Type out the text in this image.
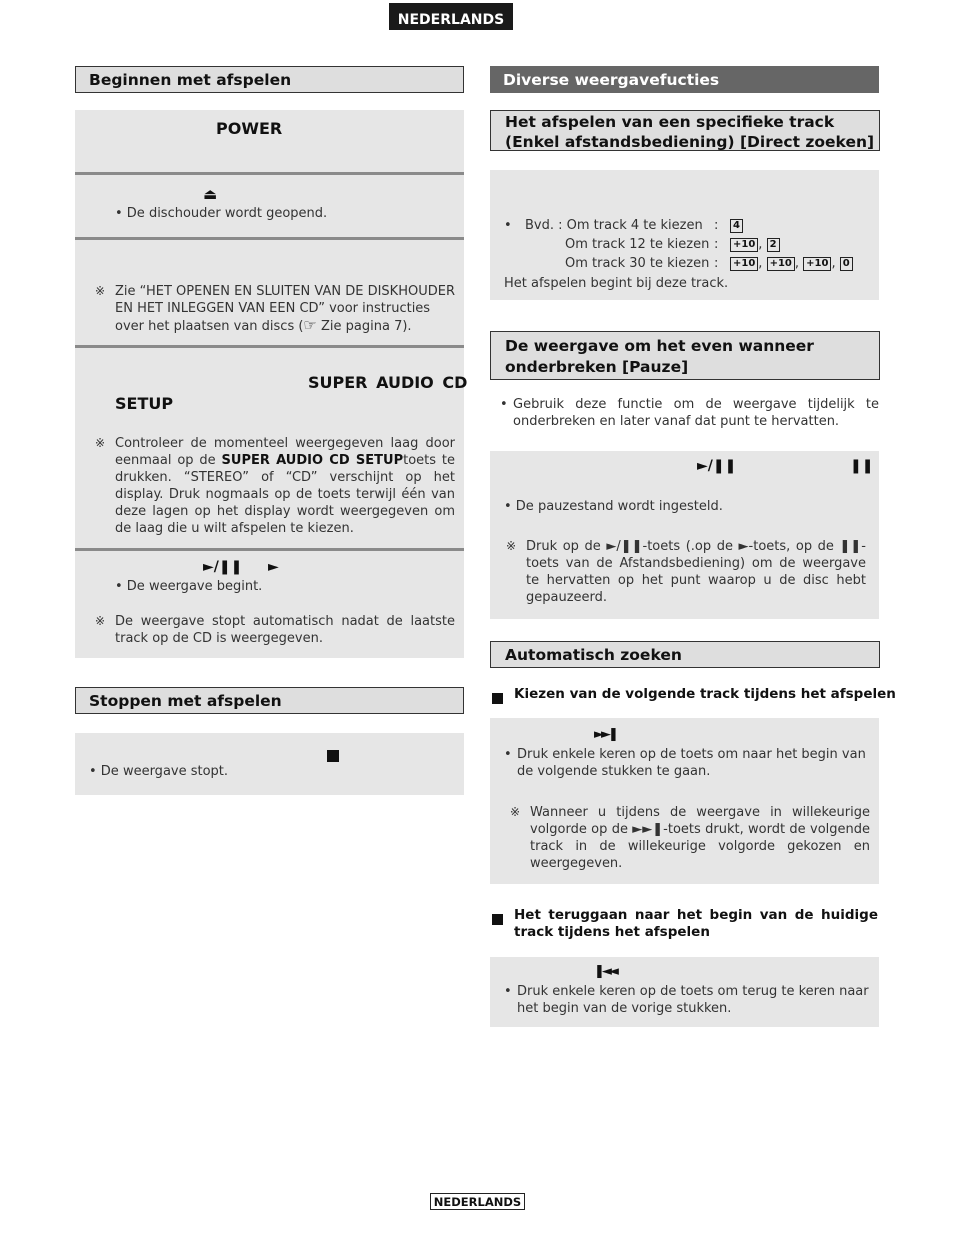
NEDERLANDS
Beginnen met afspelen
POWER
⏏
• De dischouder wordt geopend.
※ Zie “HET OPENEN EN SLUITEN VAN DE DISKHOUDER EN HET INLEGGEN VAN EEN CD” voor instructies over het plaatsen van discs (☞ Zie pagina 7).
SUPER AUDIO CD
SETUP
※ Controleer de momenteel weergegeven laag door eenmaal op de SUPER AUDIO CD SETUPtoets te drukken. “STEREO” of “CD” verschijnt op het display. Druk nogmaals op de toets terwijl één van deze lagen op het display wordt weergegeven om de laag die u wilt afspelen te kiezen.
►/❚❚ ►
• De weergave begint.
※ De weergave stopt automatisch nadat de laatste track op de CD is weergegeven.
Stoppen met afspelen
• De weergave stopt.
Diverse weergavefucties
Het afspelen van een specifieke track
(Enkel afstandsbediening) [Direct zoeken]
• Bvd. : Om track 4 te kiezen :	4
Om track 12 te kiezen :	+10 , 2
Om track 30 te kiezen :	+10 , +10 , +10 , 0
Het afspelen begint bij deze track.
De weergave om het even wanneer
onderbreken [Pauze]
• Gebruik deze functie om de weergave tijdelijk te onderbreken en later vanaf dat punt te hervatten.
►/❚❚	❚❚
• De pauzestand wordt ingesteld.
※ Druk op de ►/❚❚-toets (.op de ►-toets, op de ❚❚-toets van de Afstandsbediening) om de weergave te hervatten op het punt waarop u de disc hebt gepauzeerd.
Automatisch zoeken
Kiezen van de volgende track tijdens het afspelen
►►❚
• Druk enkele keren op de toets om naar het begin van de volgende stukken te gaan.
※ Wanneer u tijdens de weergave in willekeurige volgorde op de ►►❚-toets drukt, wordt de volgende track in de willekeurige volgorde gekozen en weergegeven.
Het teruggaan naar het begin van de huidige track tijdens het afspelen
❚◄◄
• Druk enkele keren op de toets om terug te keren naar het begin van de vorige stukken.
NEDERLANDS
